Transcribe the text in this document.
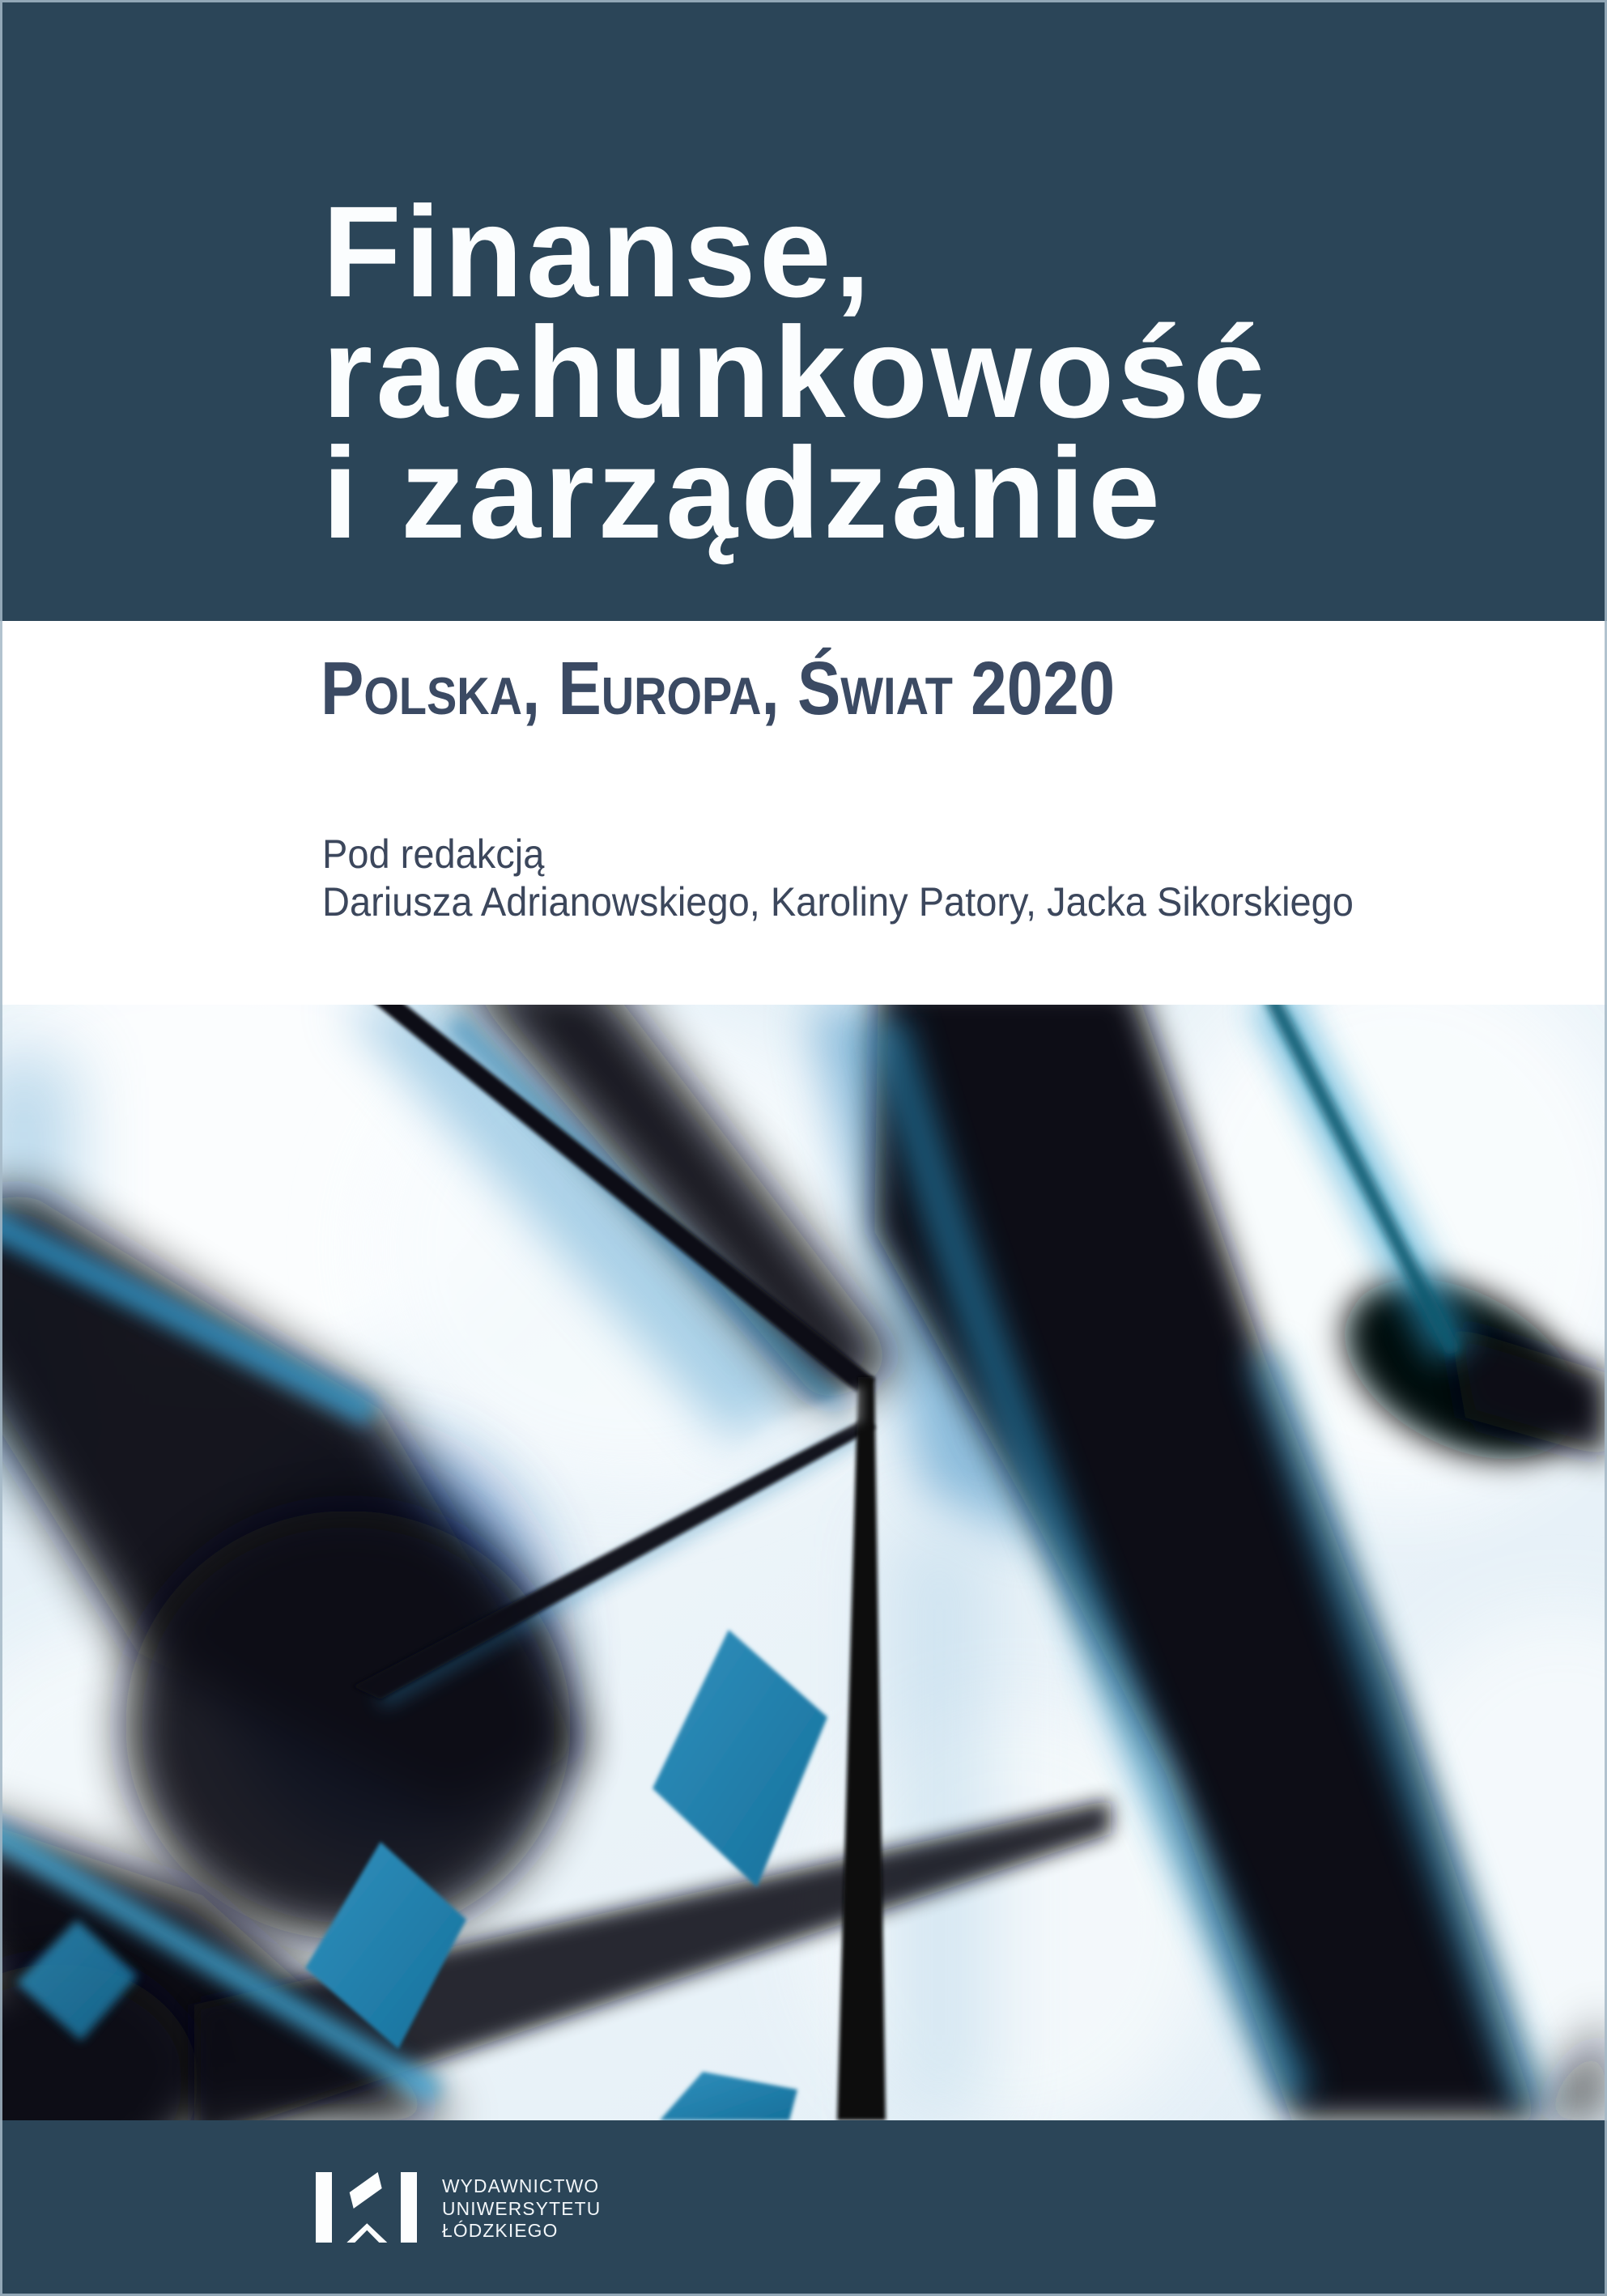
Finanse,
rachunkowość
i zarządzanie
Polska, Europa, Świat 2020
Pod redakcją
Dariusza Adrianowskiego, Karoliny Patory, Jacka Sikorskiego
WYDAWNICTWO
UNIWERSYTETU
ŁÓDZKIEGO
